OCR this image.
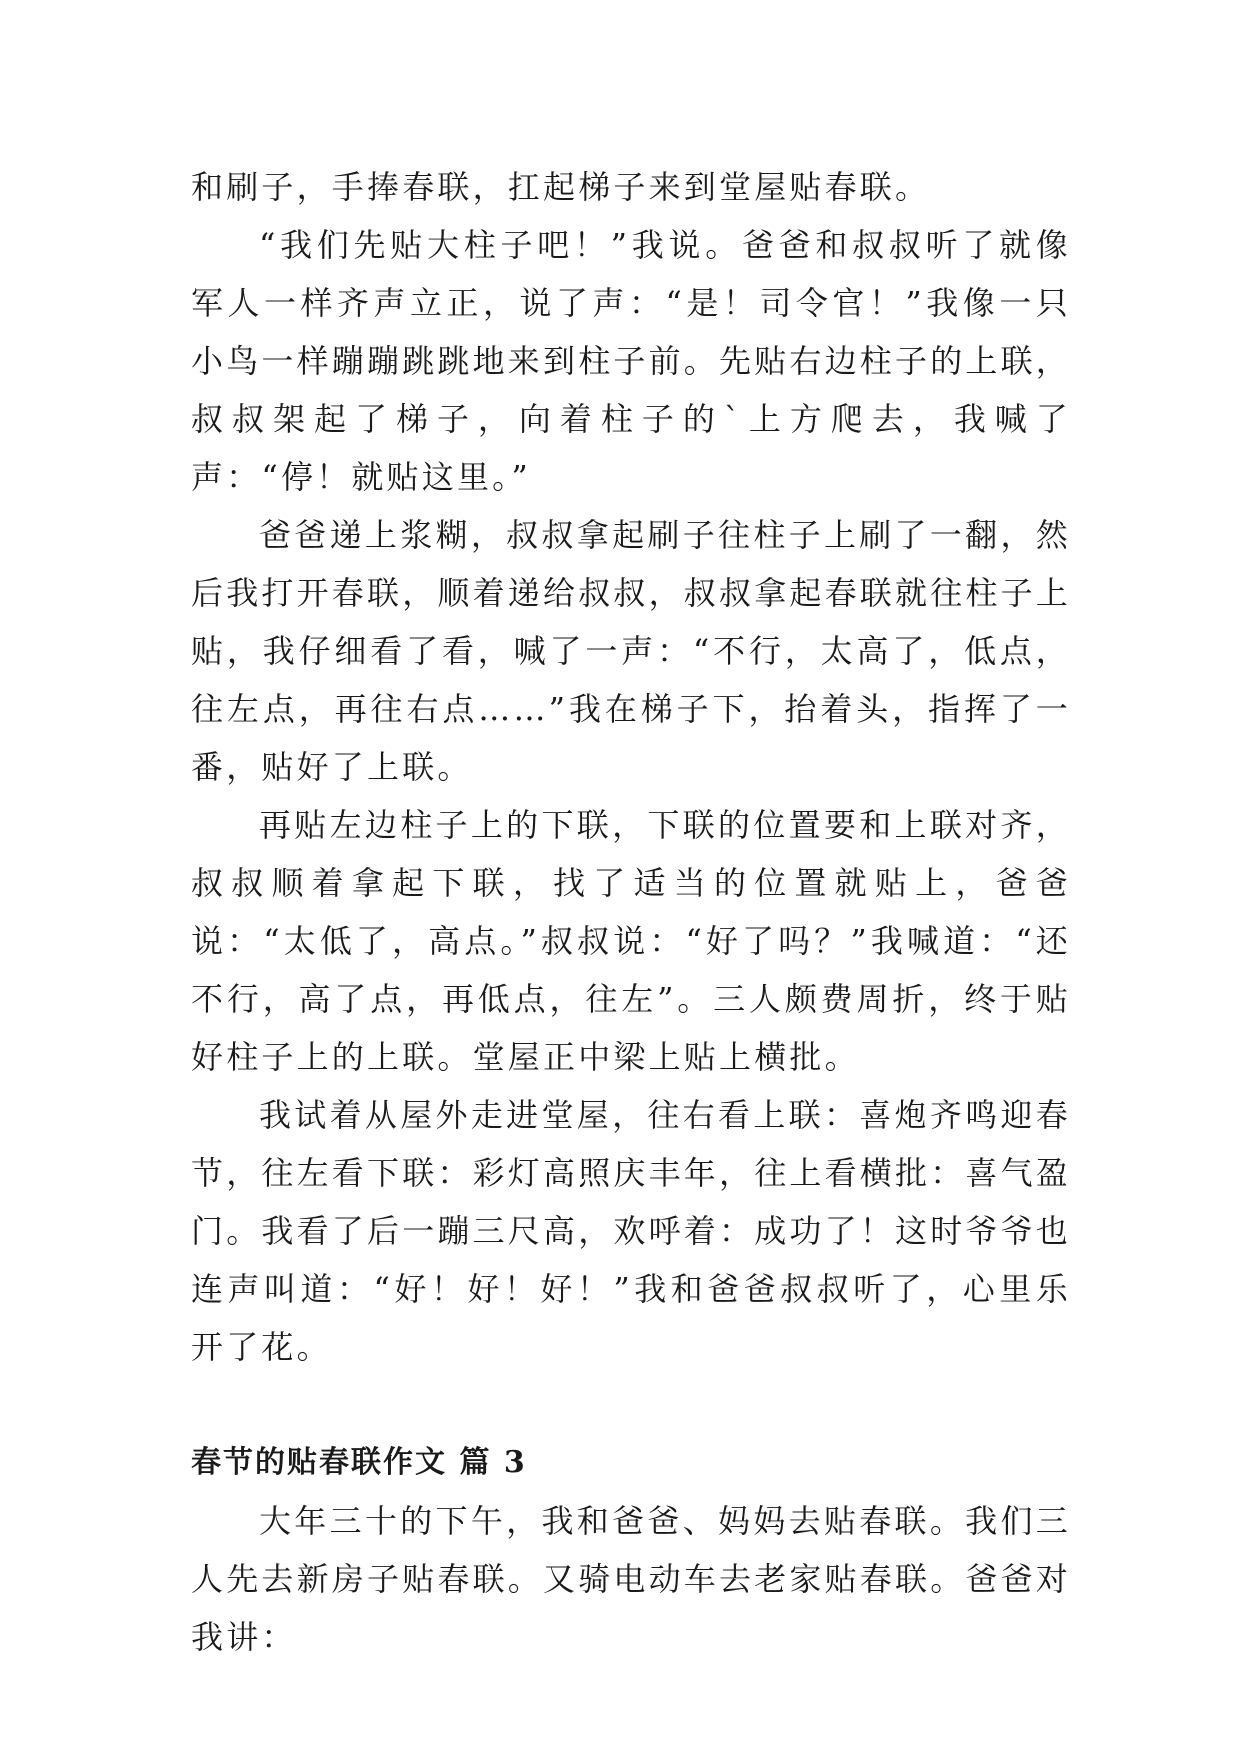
和刷子，手捧春联，扛起梯子来到堂屋贴春联。

“我们先贴大柱子吧！”我说。爸爸和叔叔听了就像军人一样齐声立正，说了声：“是！司令官！”我像一只小鸟一样蹦蹦跳跳地来到柱子前。先贴右边柱子的上联，叔叔架起了梯子，向着柱子的`上方爬去，我喊了声：“停！就贴这里。”

爸爸递上浆糊，叔叔拿起刷子往柱子上刷了一翻，然后我打开春联，顺着递给叔叔，叔叔拿起春联就往柱子上贴，我仔细看了看，喊了一声：“不行，太高了，低点，往左点，再往右点……”我在梯子下，抬着头，指挥了一番，贴好了上联。

再贴左边柱子上的下联，下联的位置要和上联对齐，叔叔顺着拿起下联，找了适当的位置就贴上，爸爸说：“太低了，高点。”叔叔说：“好了吗？”我喊道：“还不行，高了点，再低点，往左”。三人颇费周折，终于贴好柱子上的上联。堂屋正中梁上贴上横批。

我试着从屋外走进堂屋，往右看上联：喜炮齐鸣迎春节，往左看下联：彩灯高照庆丰年，往上看横批：喜气盈门。我看了后一蹦三尺高，欢呼着：成功了！这时爷爷也连声叫道：“好！好！好！”我和爸爸叔叔听了，心里乐开了花。

春节的贴春联作文 篇 3

大年三十的下午，我和爸爸、妈妈去贴春联。我们三人先去新房子贴春联。又骑电动车去老家贴春联。爸爸对我讲：
